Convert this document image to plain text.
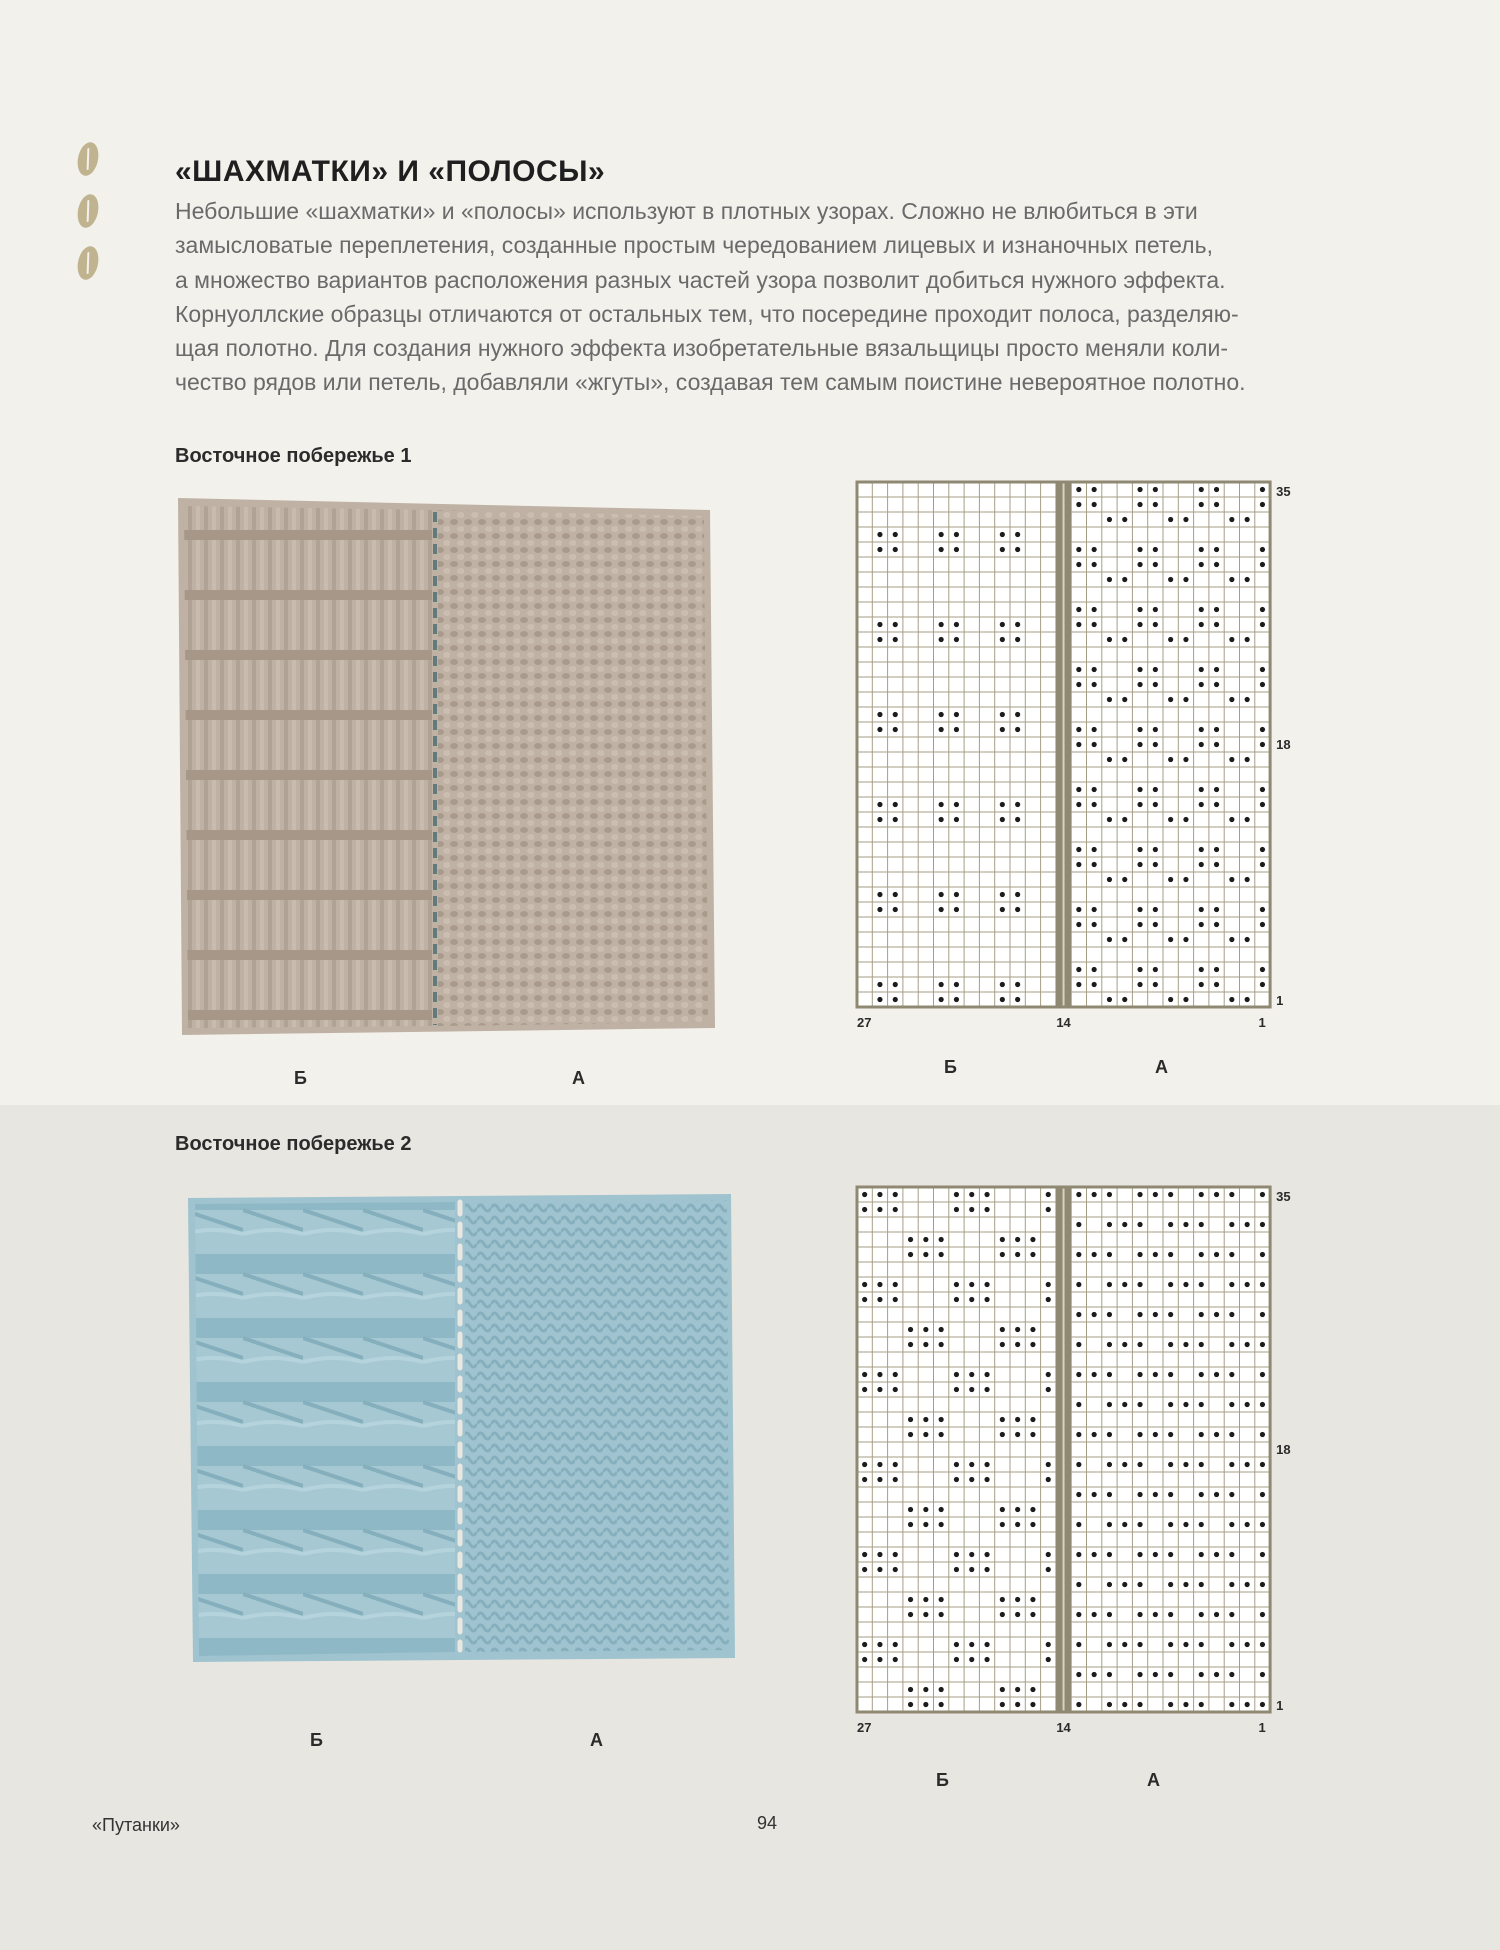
«ШАХМАТКИ» И «ПОЛОСЫ»

Небольшие «шахматки» и «полосы» используют в плотных узорах. Сложно не влюбиться в эти

замысловатые переплетения, созданные простым чередованием лицевых и изнаночных петель,

а множество вариантов расположения разных частей узора позволит добиться нужного эффекта.

Корнуоллские образцы отличаются от остальных тем, что посередине проходит полоса, разделяю-

щая полотно. Для создания нужного эффекта изобретательные вязальщицы просто меняли коли-

чество рядов или петель, добавляли «жгуты», создавая тем самым поистине невероятное полотно.

Восточное побережье 1
Б	А
35
18
1
27	14	1
Б	А
Восточное побережье 2
Б	А
35
18
1
27	14	1
Б	А
«Путанки»	94
